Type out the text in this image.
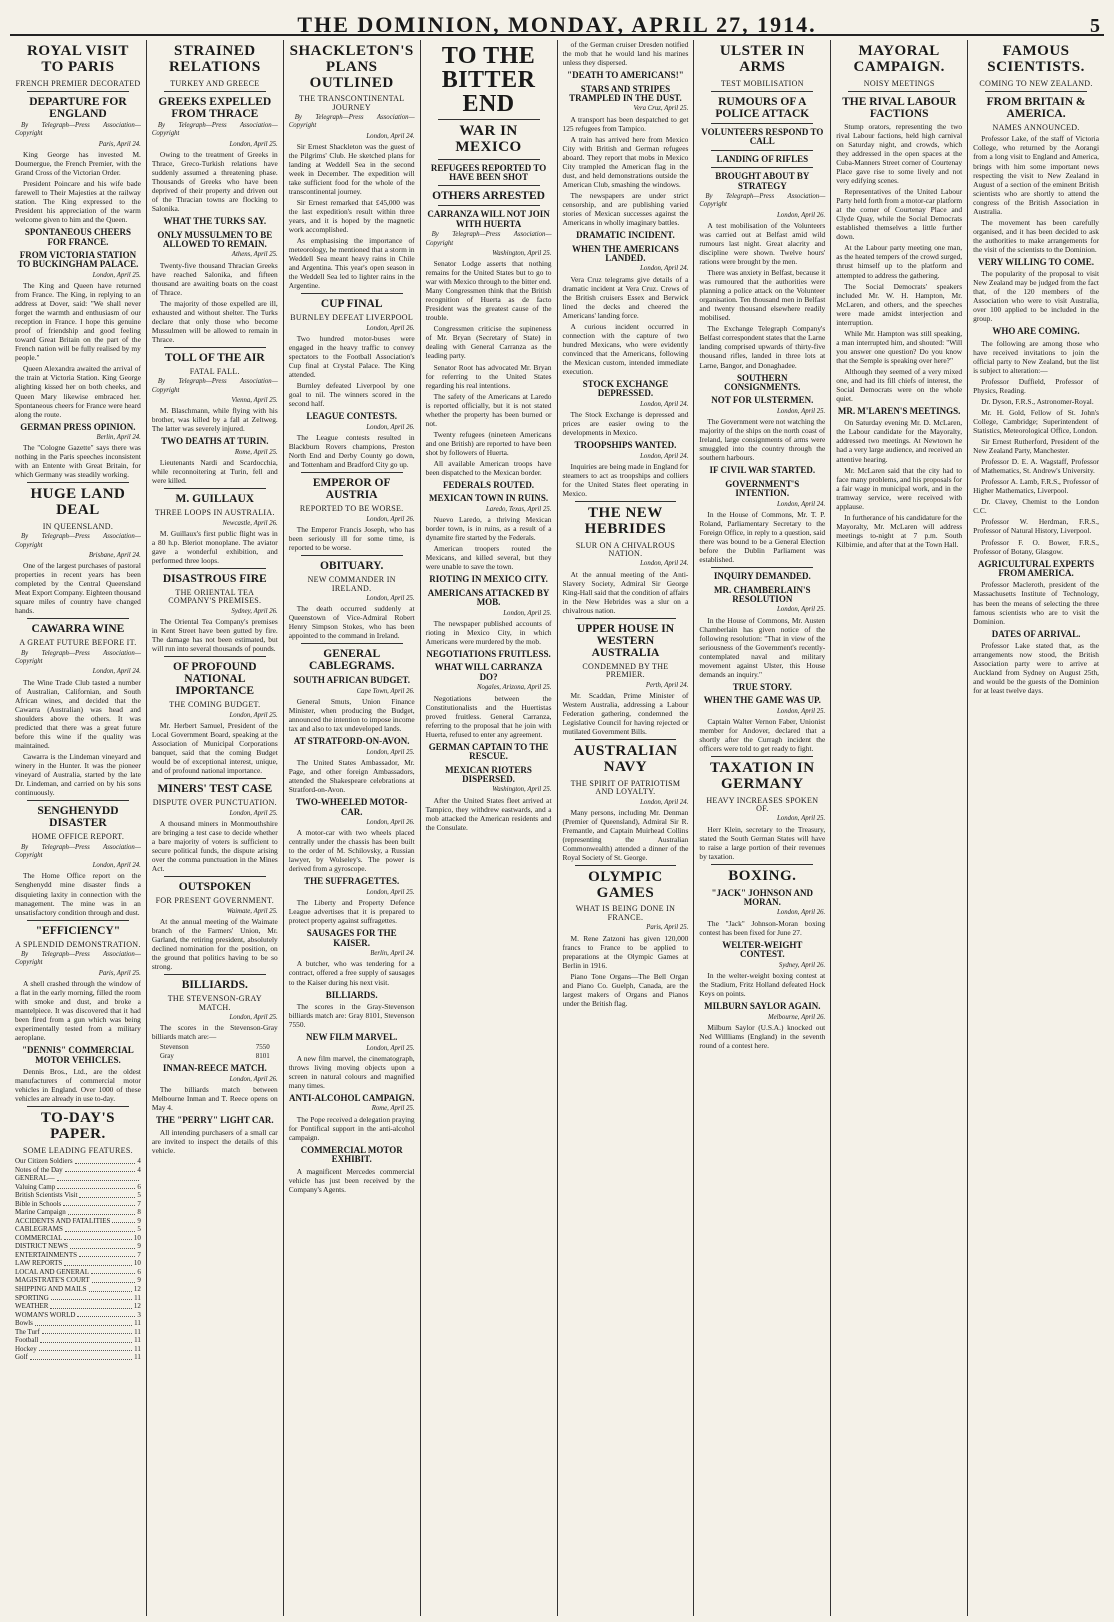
THE DOMINION, MONDAY, APRIL 27, 1914.	5
ROYAL VISIT TO PARIS
FRENCH PREMIER DECORATED
DEPARTURE FOR ENGLAND
By Telegraph—Press Association—Copyright
Paris, April 24.

King George has invested M. Doumergue, the French Premier, with the Grand Cross of the Victorian Order.

President Poincare and his wife bade farewell to Their Majesties at the railway station. The King expressed to the President his appreciation of the warm welcome given to him and the Queen.

SPONTANEOUS CHEERS FOR FRANCE.
FROM VICTORIA STATION TO BUCKINGHAM PALACE.
London, April 25.

The King and Queen have returned from France. The King, in replying to an address at Dover, said: "We shall never forget the warmth and enthusiasm of our reception in France. I hope this genuine proof of friendship and good feeling toward Great Britain on the part of the French nation will be fully realised by my people."

Queen Alexandra awaited the arrival of the train at Victoria Station. King George alighting kissed her on both cheeks, and Queen Mary likewise embraced her. Spontaneous cheers for France were heard along the route.

GERMAN PRESS OPINION.
Berlin, April 24.

The "Cologne Gazette" says there was nothing in the Paris speeches inconsistent with an Entente with Great Britain, for which Germany was steadily working.

HUGE LAND DEAL
IN QUEENSLAND.
By Telegraph—Press Association—Copyright
Brisbane, April 24.

One of the largest purchases of pastoral properties in recent years has been completed by the Central Queensland Meat Export Company. Eighteen thousand square miles of country have changed hands.

CAWARRA WINE
A GREAT FUTURE BEFORE IT.
By Telegraph—Press Association—Copyright
London, April 24.

The Wine Trade Club tasted a number of Australian, Californian, and South African wines, and decided that the Cawarra (Australian) was head and shoulders above the others. It was predicted that there was a great future before this wine if the quality was maintained.

Cawarra is the Lindeman vineyard and winery in the Hunter. It was the pioneer vineyard of Australia, started by the late Dr. Lindeman, and carried on by his sons continuously.

SENGHENYDD DISASTER
HOME OFFICE REPORT.
By Telegraph—Press Association—Copyright
London, April 24.

The Home Office report on the Senghenydd mine disaster finds a disquieting laxity in connection with the management. The mine was in an unsatisfactory condition through and dust.

"EFFICIENCY"
A SPLENDID DEMONSTRATION.
By Telegraph—Press Association—Copyright
Paris, April 25.

A shell crashed through the window of a flat in the early morning, filled the room with smoke and dust, and broke a mantelpiece. It was discovered that it had been fired from a gun which was being experimentally tested from a military aeroplane.

"DENNIS" COMMERCIAL MOTOR VEHICLES.

Dennis Bros., Ltd., are the oldest manufacturers of commercial motor vehicles in England. Over 1000 of these vehicles are already in use to-day.

TO-DAY'S PAPER.
SOME LEADING FEATURES.
Our Citizen Soldiers	4
Notes of the Day	4
GENERAL—
Valuing Camp	6
British Scientists Visit	5
Bible in Schools	7
Marine Campaign	8
ACCIDENTS AND FATALITIES	9
CABLEGRAMS	5
COMMERCIAL	10
DISTRICT NEWS	9
ENTERTAINMENTS	7
LAW REPORTS	10
LOCAL AND GENERAL	6
MAGISTRATE'S COURT	9
SHIPPING AND MAILS	12
SPORTING	11
WEATHER	12
WOMAN'S WORLD	3
Bowls	11
The Turf	11
Football	11
Hockey	11
Golf	11
STRAINED RELATIONS
TURKEY AND GREECE
GREEKS EXPELLED FROM THRACE
By Telegraph—Press Association—Copyright
London, April 25.

Owing to the treatment of Greeks in Thrace, Greco-Turkish relations have suddenly assumed a threatening phase. Thousands of Greeks who have been deprived of their property and driven out of the Thracian towns are flocking to Salonika.

WHAT THE TURKS SAY.
ONLY MUSSULMEN TO BE ALLOWED TO REMAIN.
Athens, April 25.

Twenty-five thousand Thracian Greeks have reached Salonika, and fifteen thousand are awaiting boats on the coast of Thrace.

The majority of those expelled are ill, exhausted and without shelter. The Turks declare that only those who become Mussulmen will be allowed to remain in Thrace.

TOLL OF THE AIR
FATAL FALL.
By Telegraph—Press Association—Copyright
Vienna, April 25.

M. Blaschmann, while flying with his brother, was killed by a fall at Zeltweg. The latter was severely injured.

TWO DEATHS AT TURIN.
Rome, April 25.

Lieutenants Nardi and Scardocchia, while reconnoitering at Turin, fell and were killed.

M. GUILLAUX
THREE LOOPS IN AUSTRALIA.
Newcastle, April 26.

M. Guillaux's first public flight was in a 80 h.p. Bleriot monoplane. The aviator gave a wonderful exhibition, and performed three loops.

DISASTROUS FIRE
THE ORIENTAL TEA COMPANY'S PREMISES.
Sydney, April 26.

The Oriental Tea Company's premises in Kent Street have been gutted by fire. The damage has not been estimated, but will run into several thousands of pounds.

OF PROFOUND NATIONAL IMPORTANCE
THE COMING BUDGET.
London, April 25.

Mr. Herbert Samuel, President of the Local Government Board, speaking at the Association of Municipal Corporations banquet, said that the coming Budget would be of exceptional interest, unique, and of profound national importance.

MINERS' TEST CASE
DISPUTE OVER PUNCTUATION.
London, April 25.

A thousand miners in Monmouthshire are bringing a test case to decide whether a bare majority of voters is sufficient to secure political funds, the dispute arising over the comma punctuation in the Mines Act.

OUTSPOKEN
FOR PRESENT GOVERNMENT.
Waimate, April 25.

At the annual meeting of the Waimate branch of the Farmers' Union, Mr. Garland, the retiring president, absolutely declined nomination for the position, on the ground that politics having to be so strong.

BILLIARDS.
THE STEVENSON-GRAY MATCH.
London, April 25.

The scores in the Stevenson-Gray billiards match are:—

Stevenson	7550
Gray	8101
INMAN-REECE MATCH.
London, April 26.

The billiards match between Melbourne Inman and T. Reece opens on May 4.

THE "PERRY" LIGHT CAR.

All intending purchasers of a small car are invited to inspect the details of this vehicle.

SHACKLETON'S PLANS OUTLINED
THE TRANSCONTINENTAL JOURNEY
By Telegraph—Press Association—Copyright
London, April 24.

Sir Ernest Shackleton was the guest of the Pilgrims' Club. He sketched plans for landing at Weddell Sea in the second week in December. The expedition will take sufficient food for the whole of the transcontinental journey.

Sir Ernest remarked that £45,000 was the last expedition's result within three years, and it is hoped by the magnetic work accomplished.

As emphasising the importance of meteorology, he mentioned that a storm in Weddell Sea meant heavy rains in Chile and Argentina. This year's open season in the Weddell Sea led to lighter rains in the Argentine.

CUP FINAL
BURNLEY DEFEAT LIVERPOOL
London, April 26.

Two hundred motor-buses were engaged in the heavy traffic to convey spectators to the Football Association's Cup final at Crystal Palace. The King attended.

Burnley defeated Liverpool by one goal to nil. The winners scored in the second half.

LEAGUE CONTESTS.
London, April 26.

The League contests resulted in Blackburn Rovers champions, Preston North End and Derby County go down, and Tottenham and Bradford City go up.

EMPEROR OF AUSTRIA
REPORTED TO BE WORSE.
London, April 26.

The Emperor Francis Joseph, who has been seriously ill for some time, is reported to be worse.

OBITUARY.
NEW COMMANDER IN IRELAND.
London, April 25.

The death occurred suddenly at Queenstown of Vice-Admiral Robert Henry Simpson Stokes, who has been appointed to the command in Ireland.

GENERAL CABLEGRAMS.
SOUTH AFRICAN BUDGET.
Cape Town, April 26.

General Smuts, Union Finance Minister, when producing the Budget, announced the intention to impose income tax and also to tax undeveloped lands.

AT STRATFORD-ON-AVON.
London, April 25.

The United States Ambassador, Mr. Page, and other foreign Ambassadors, attended the Shakespeare celebrations at Stratford-on-Avon.

TWO-WHEELED MOTOR-CAR.
London, April 26.

A motor-car with two wheels placed centrally under the chassis has been built to the order of M. Schilovsky, a Russian lawyer, by Wolseley's. The power is derived from a gyroscope.

THE SUFFRAGETTES.
London, April 25.

The Liberty and Property Defence League advertises that it is prepared to protect property against suffragettes.

SAUSAGES FOR THE KAISER.
Berlin, April 24.

A butcher, who was tendering for a contract, offered a free supply of sausages to the Kaiser during his next visit.

BILLIARDS.

The scores in the Gray-Stevenson billiards match are: Gray 8101, Stevenson 7550.

NEW FILM MARVEL.
London, April 25.

A new film marvel, the cinematograph, throws living moving objects upon a screen in natural colours and magnified many times.

ANTI-ALCOHOL CAMPAIGN.
Rome, April 25.

The Pope received a delegation praying for Pontifical support in the anti-alcohol campaign.

COMMERCIAL MOTOR EXHIBIT.

A magnificent Mercedes commercial vehicle has just been received by the Company's Agents.

TO THE BITTER END
WAR IN MEXICO
REFUGEES REPORTED TO HAVE BEEN SHOT
OTHERS ARRESTED
CARRANZA WILL NOT JOIN WITH HUERTA
By Telegraph—Press Association—Copyright
Washington, April 25.

Senator Lodge asserts that nothing remains for the United States but to go to war with Mexico through to the bitter end. Many Congressmen think that the British recognition of Huerta as de facto President was the greatest cause of the trouble.

Congressmen criticise the supineness of Mr. Bryan (Secretary of State) in dealing with General Carranza as the leading party.

Senator Root has advocated Mr. Bryan for referring to the United States regarding his real intentions.

The safety of the Americans at Laredo is reported officially, but it is not stated whether the property has been burned or not.

Twenty refugees (nineteen Americans and one British) are reported to have been shot by followers of Huerta.

All available American troops have been dispatched to the Mexican border.

FEDERALS ROUTED.
MEXICAN TOWN IN RUINS.
Laredo, Texas, April 25.

Nuevo Laredo, a thriving Mexican border town, is in ruins, as a result of a dynamite fire started by the Federals.

American troopers routed the Mexicans, and killed several, but they were unable to save the town.

RIOTING IN MEXICO CITY.
AMERICANS ATTACKED BY MOB.
London, April 25.

The newspaper published accounts of rioting in Mexico City, in which Americans were murdered by the mob.

NEGOTIATIONS FRUITLESS.
WHAT WILL CARRANZA DO?
Nogales, Arizona, April 25.

Negotiations between the Constitutionalists and the Huertistas proved fruitless. General Carranza, referring to the proposal that he join with Huerta, refused to enter any agreement.

GERMAN CAPTAIN TO THE RESCUE.
MEXICAN RIOTERS DISPERSED.
Washington, April 25.

After the United States fleet arrived at Tampico, they withdrew eastwards, and a mob attacked the American residents and the Consulate.

of the German cruiser Dresden notified the mob that he would land his marines unless they dispersed.

"DEATH TO AMERICANS!"
STARS AND STRIPES TRAMPLED IN THE DUST.
Vera Cruz, April 25.

A transport has been despatched to get 125 refugees from Tampico.

A train has arrived here from Mexico City with British and German refugees aboard. They report that mobs in Mexico City trampled the American flag in the dust, and held demonstrations outside the American Club, smashing the windows.

The newspapers are under strict censorship, and are publishing varied stories of Mexican successes against the Americans in wholly imaginary battles.

DRAMATIC INCIDENT.
WHEN THE AMERICANS LANDED.
London, April 24.

Vera Cruz telegrams give details of a dramatic incident at Vera Cruz. Crews of the British cruisers Essex and Berwick lined the decks and cheered the Americans' landing force.

A curious incident occurred in connection with the capture of two hundred Mexicans, who were evidently convinced that the Americans, following the Mexican custom, intended immediate execution.

STOCK EXCHANGE DEPRESSED.
London, April 24.

The Stock Exchange is depressed and prices are easier owing to the developments in Mexico.

TROOPSHIPS WANTED.
London, April 24.

Inquiries are being made in England for steamers to act as troopships and colliers for the United States fleet operating in Mexico.

THE NEW HEBRIDES
SLUR ON A CHIVALROUS NATION.
London, April 24.

At the annual meeting of the Anti-Slavery Society, Admiral Sir George King-Hall said that the condition of affairs in the New Hebrides was a slur on a chivalrous nation.

UPPER HOUSE IN WESTERN AUSTRALIA
CONDEMNED BY THE PREMIER.
Perth, April 24.

Mr. Scaddan, Prime Minister of Western Australia, addressing a Labour Federation gathering, condemned the Legislative Council for having rejected or mutilated Government Bills.

AUSTRALIAN NAVY
THE SPIRIT OF PATRIOTISM AND LOYALTY.
London, April 24.

Many persons, including Mr. Denman (Premier of Queensland), Admiral Sir R. Fremantle, and Captain Muirhead Collins (representing the Australian Commonwealth) attended a dinner of the Royal Society of St. George.

OLYMPIC GAMES
WHAT IS BEING DONE IN FRANCE.
Paris, April 25.

M. Rene Zatzoni has given 120,000 francs to France to be applied to preparations at the Olympic Games at Berlin in 1916.

Piano Tone Organs—The Bell Organ and Piano Co. Guelph, Canada, are the largest makers of Organs and Pianos under the British flag.

ULSTER IN ARMS
TEST MOBILISATION
RUMOURS OF A POLICE ATTACK
VOLUNTEERS RESPOND TO CALL
LANDING OF RIFLES
BROUGHT ABOUT BY STRATEGY
By Telegraph—Press Association—Copyright
London, April 26.

A test mobilisation of the Volunteers was carried out at Belfast amid wild rumours last night. Great alacrity and discipline were shown. Twelve hours' rations were brought by the men.

There was anxiety in Belfast, because it was rumoured that the authorities were planning a police attack on the Volunteer organisation. Ten thousand men in Belfast and twenty thousand elsewhere readily mobilised.

The Exchange Telegraph Company's Belfast correspondent states that the Larne landing comprised upwards of thirty-five thousand rifles, landed in three lots at Larne, Bangor, and Donaghadee.

SOUTHERN CONSIGNMENTS.
NOT FOR ULSTERMEN.
London, April 25.

The Government were not watching the majority of the ships on the north coast of Ireland, large consignments of arms were smuggled into the country through the southern harbours.

IF CIVIL WAR STARTED.
GOVERNMENT'S INTENTION.
London, April 24.

In the House of Commons, Mr. T. P. Roland, Parliamentary Secretary to the Foreign Office, in reply to a question, said there was bound to be a General Election before the Dublin Parliament was established.

INQUIRY DEMANDED.
MR. CHAMBERLAIN'S RESOLUTION
London, April 25.

In the House of Commons, Mr. Austen Chamberlain has given notice of the following resolution: "That in view of the seriousness of the Government's recently-contemplated naval and military movement against Ulster, this House demands an inquiry."

TRUE STORY.
WHEN THE GAME WAS UP.
London, April 25.

Captain Walter Vernon Faber, Unionist member for Andover, declared that a shortly after the Curragh incident the officers were told to get ready to fight.

TAXATION IN GERMANY
HEAVY INCREASES SPOKEN OF.
London, April 25.

Herr Klein, secretary to the Treasury, stated the South German States will have to raise a large portion of their revenues by taxation.

BOXING.
"JACK" JOHNSON AND MORAN.
London, April 26.

The "Jack" Johnson-Moran boxing contest has been fixed for June 27.

WELTER-WEIGHT CONTEST.
Sydney, April 26.

In the welter-weight boxing contest at the Stadium, Fritz Holland defeated Hock Keys on points.

MILBURN SAYLOR AGAIN.
Melbourne, April 26.

Milburn Saylor (U.S.A.) knocked out Ned Willliams (England) in the seventh round of a contest here.

MAYORAL CAMPAIGN.
NOISY MEETINGS
THE RIVAL LABOUR FACTIONS

Stump orators, representing the two rival Labour factions, held high carnival on Saturday night, and crowds, which they addressed in the open spaces at the Cuba-Manners Street corner of Courtenay Place gave rise to some lively and not very edifying scenes.

Representatives of the United Labour Party held forth from a motor-car platform at the corner of Courtenay Place and Clyde Quay, while the Social Democrats established themselves a little further down.

At the Labour party meeting one man, as the heated tempers of the crowd surged, thrust himself up to the platform and attempted to address the gathering.

The Social Democrats' speakers included Mr. W. H. Hampton, Mr. McLaren, and others, and the speeches were made amidst interjection and interruption.

While Mr. Hampton was still speaking, a man interrupted him, and shouted: "Will you answer one question? Do you know that the Semple is speaking over here?"

Although they seemed of a very mixed one, and had its fill chiefs of interest, the Social Democrats were on the whole quiet.

MR. M'LAREN'S MEETINGS.

On Saturday evening Mr. D. McLaren, the Labour candidate for the Mayoralty, addressed two meetings. At Newtown he had a very large audience, and received an attentive hearing.

Mr. McLaren said that the city had to face many problems, and his proposals for a fair wage in municipal work, and in the tramway service, were received with applause.

In furtherance of his candidature for the Mayoralty, Mr. McLaren will address meetings to-night at 7 p.m. South Kilbirnie, and after that at the Town Hall.

FAMOUS SCIENTISTS.
COMING TO NEW ZEALAND.
FROM BRITAIN & AMERICA.
NAMES ANNOUNCED.

Professor Lake, of the staff of Victoria College, who returned by the Aorangi from a long visit to England and America, brings with him some important news respecting the visit to New Zealand in August of a section of the eminent British scientists who are shortly to attend the congress of the British Association in Australia.

The movement has been carefully organised, and it has been decided to ask the authorities to make arrangements for the visit of the scientists to the Dominion.

VERY WILLING TO COME.

The popularity of the proposal to visit New Zealand may be judged from the fact that, of the 120 members of the Association who were to visit Australia, over 100 applied to be included in the group.

WHO ARE COMING.

The following are among those who have received invitations to join the official party to New Zealand, but the list is subject to alteration:—

Professor Duffield, Professor of Physics, Reading.

Dr. Dyson, F.R.S., Astronomer-Royal.

Mr. H. Gold, Fellow of St. John's College, Cambridge; Superintendent of Statistics, Meteorological Office, London.

Sir Ernest Rutherford, President of the New Zealand Party, Manchester.

Professor D. E. A. Wagstaff, Professor of Mathematics, St. Andrew's University.

Professor A. Lamb, F.R.S., Professor of Higher Mathematics, Liverpool.

Dr. Clavey, Chemist to the London C.C.

Professor W. Herdman, F.R.S., Professor of Natural History, Liverpool.

Professor F. O. Bower, F.R.S., Professor of Botany, Glasgow.

AGRICULTURAL EXPERTS FROM AMERICA.

Professor Macleroth, president of the Massachusetts Institute of Technology, has been the means of selecting the three famous scientists who are to visit the Dominion.

DATES OF ARRIVAL.

Professor Lake stated that, as the arrangements now stood, the British Association party were to arrive at Auckland from Sydney on August 25th, and would be the guests of the Dominion for at least twelve days.
